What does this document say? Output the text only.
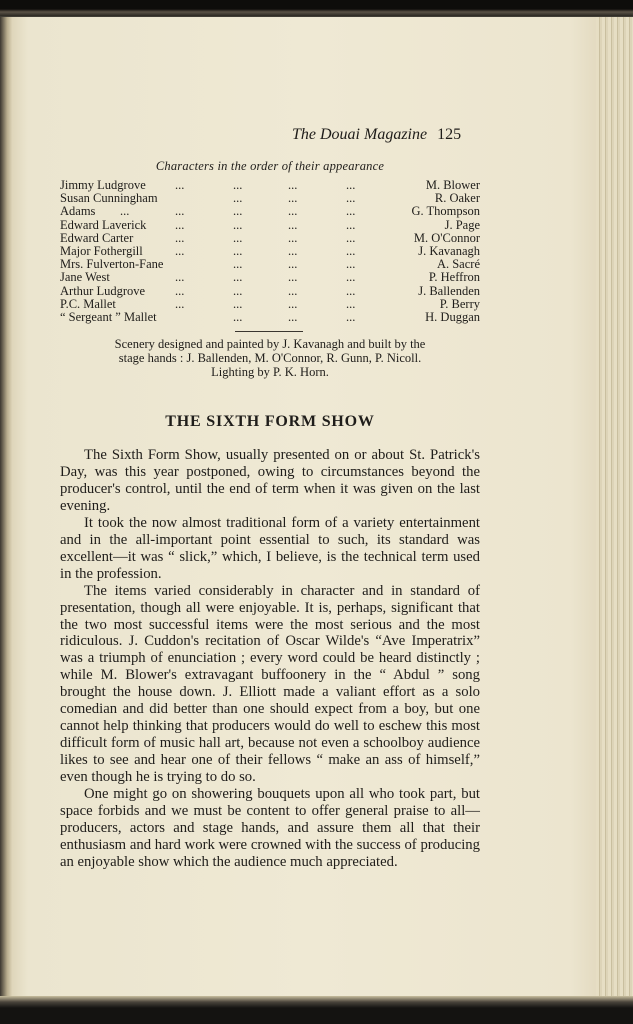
The Douai Magazine 125
Characters in the order of their appearance
Jimmy Ludgrove ...	...	...	...	M. Blower
Susan Cunningham	...	...	...	R. Oaker
Adams ...	...	...	...	...	G. Thompson
Edward Laverick ...	...	...	...	J. Page
Edward Carter	...	...	...	...	M. O'Connor
Major Fothergill	...	...	...	...	J. Kavanagh
Mrs. Fulverton-Fane	...	...	...	A. Sacré
Jane West	...	...	...	...	P. Heffron
Arthur Ludgrove ...	...	...	...	J. Ballenden
P.C. Mallet	...	...	...	...	P. Berry
“ Sergeant ” Mallet	...	...	...	H. Duggan
Scenery designed and painted by J. Kavanagh and built by the
stage hands : J. Ballenden, M. O'Connor, R. Gunn, P. Nicoll.
Lighting by P. K. Horn.
THE SIXTH FORM SHOW

The Sixth Form Show, usually presented on or about St. Patrick's Day, was this year postponed, owing to circumstances beyond the producer's control, until the end of term when it was given on the last evening.

It took the now almost traditional form of a variety entertainment and in the all-important point essential to such, its standard was excellent—it was “ slick,” which, I believe, is the technical term used in the profession.

The items varied considerably in character and in standard of presentation, though all were enjoyable. It is, perhaps, significant that the two most successful items were the most serious and the most ridiculous. J. Cuddon's recitation of Oscar Wilde's “Ave Imperatrix” was a triumph of enunciation ; every word could be heard distinctly ; while M. Blower's extravagant buffoonery in the “ Abdul ” song brought the house down. J. Elliott made a valiant effort as a solo comedian and did better than one should expect from a boy, but one cannot help thinking that producers would do well to eschew this most difficult form of music hall art, because not even a schoolboy audience likes to see and hear one of their fellows “ make an ass of himself,” even though he is trying to do so.

One might go on showering bouquets upon all who took part, but space forbids and we must be content to offer general praise to all—producers, actors and stage hands, and assure them all that their enthusiasm and hard work were crowned with the success of producing an enjoyable show which the audience much appreciated.
